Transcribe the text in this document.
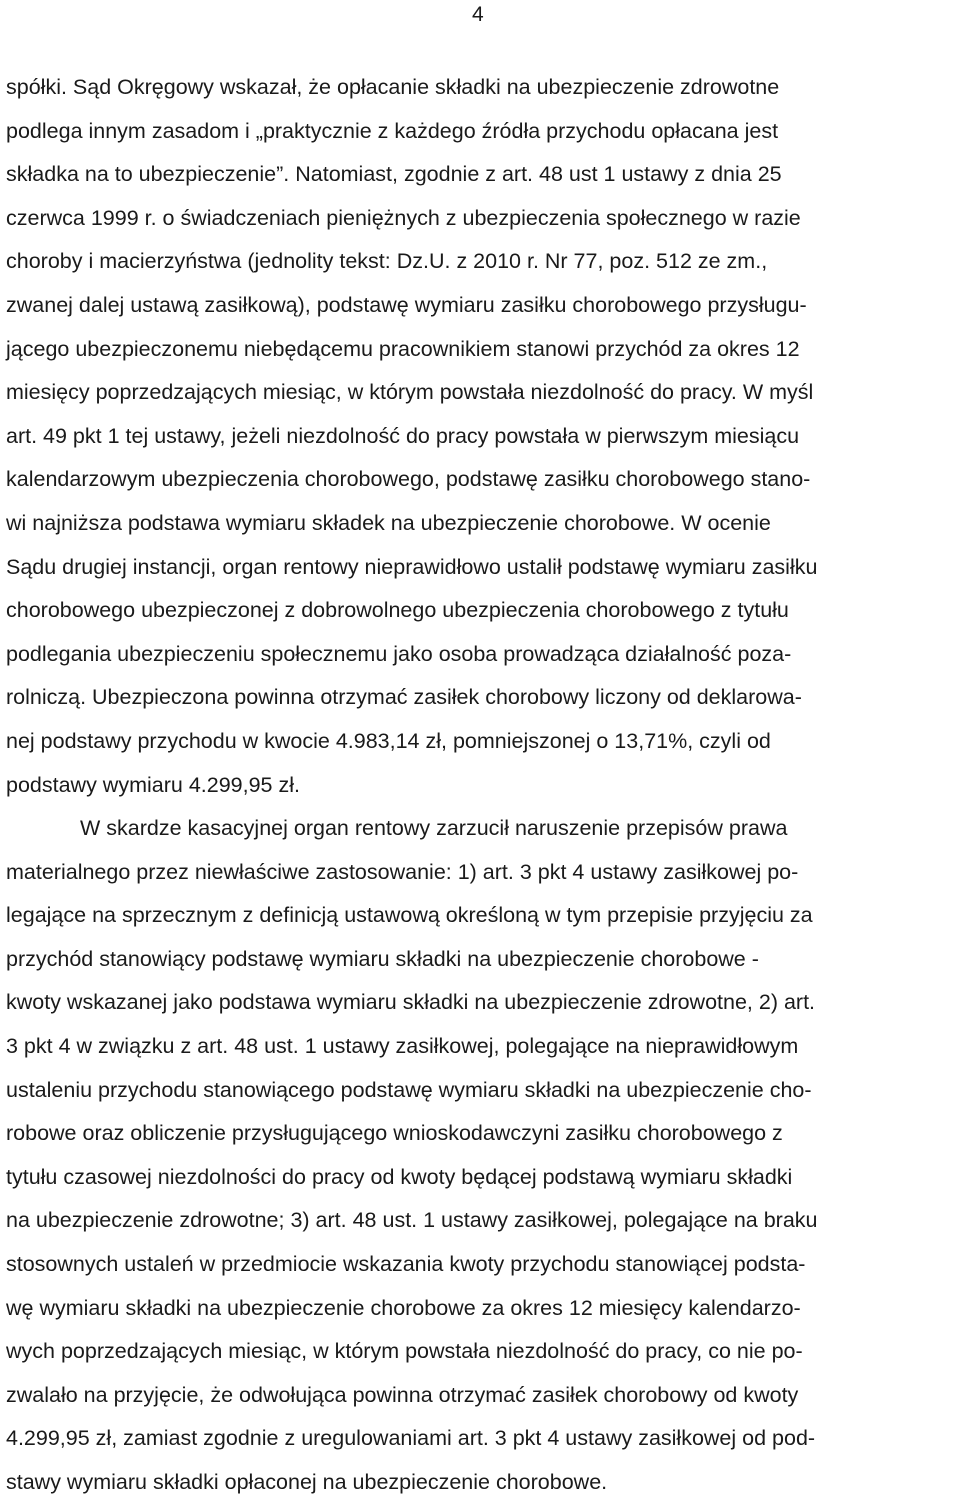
4
spółki. Sąd Okręgowy wskazał, że opłacanie składki na ubezpieczenie zdrowotne
podlega innym zasadom i „praktycznie z każdego źródła przychodu opłacana jest
składka na to ubezpieczenie”. Natomiast, zgodnie z art. 48 ust 1 ustawy z dnia 25
czerwca 1999 r. o świadczeniach pieniężnych z ubezpieczenia społecznego w razie
choroby i macierzyństwa (jednolity tekst: Dz.U. z 2010 r. Nr 77, poz. 512 ze zm.,
zwanej dalej ustawą zasiłkową), podstawę wymiaru zasiłku chorobowego przysługu-
jącego ubezpieczonemu niebędącemu pracownikiem stanowi przychód za okres 12
miesięcy poprzedzających miesiąc, w którym powstała niezdolność do pracy. W myśl
art. 49 pkt 1 tej ustawy, jeżeli niezdolność do pracy powstała w pierwszym miesiącu
kalendarzowym ubezpieczenia chorobowego, podstawę zasiłku chorobowego stano-
wi najniższa podstawa wymiaru składek na ubezpieczenie chorobowe. W ocenie
Sądu drugiej instancji, organ rentowy nieprawidłowo ustalił podstawę wymiaru zasiłku
chorobowego ubezpieczonej z dobrowolnego ubezpieczenia chorobowego z tytułu
podlegania ubezpieczeniu społecznemu jako osoba prowadząca działalność poza-
rolniczą. Ubezpieczona powinna otrzymać zasiłek chorobowy liczony od deklarowa-
nej podstawy przychodu w kwocie 4.983,14 zł, pomniejszonej o 13,71%, czyli od
podstawy wymiaru 4.299,95 zł.
W skardze kasacyjnej organ rentowy zarzucił naruszenie przepisów prawa
materialnego przez niewłaściwe zastosowanie: 1) art. 3 pkt 4 ustawy zasiłkowej po-
legające na sprzecznym z definicją ustawową określoną w tym przepisie przyjęciu za
przychód stanowiący podstawę wymiaru składki na ubezpieczenie chorobowe -
kwoty wskazanej jako podstawa wymiaru składki na ubezpieczenie zdrowotne, 2) art.
3 pkt 4 w związku z art. 48 ust. 1 ustawy zasiłkowej, polegające na nieprawidłowym
ustaleniu przychodu stanowiącego podstawę wymiaru składki na ubezpieczenie cho-
robowe oraz obliczenie przysługującego wnioskodawczyni zasiłku chorobowego z
tytułu czasowej niezdolności do pracy od kwoty będącej podstawą wymiaru składki
na ubezpieczenie zdrowotne; 3) art. 48 ust. 1 ustawy zasiłkowej, polegające na braku
stosownych ustaleń w przedmiocie wskazania kwoty przychodu stanowiącej podsta-
wę wymiaru składki na ubezpieczenie chorobowe za okres 12 miesięcy kalendarzo-
wych poprzedzających miesiąc, w którym powstała niezdolność do pracy, co nie po-
zwalało na przyjęcie, że odwołująca powinna otrzymać zasiłek chorobowy od kwoty
4.299,95 zł, zamiast zgodnie z uregulowaniami art. 3 pkt 4 ustawy zasiłkowej od pod-
stawy wymiaru składki opłaconej na ubezpieczenie chorobowe.
